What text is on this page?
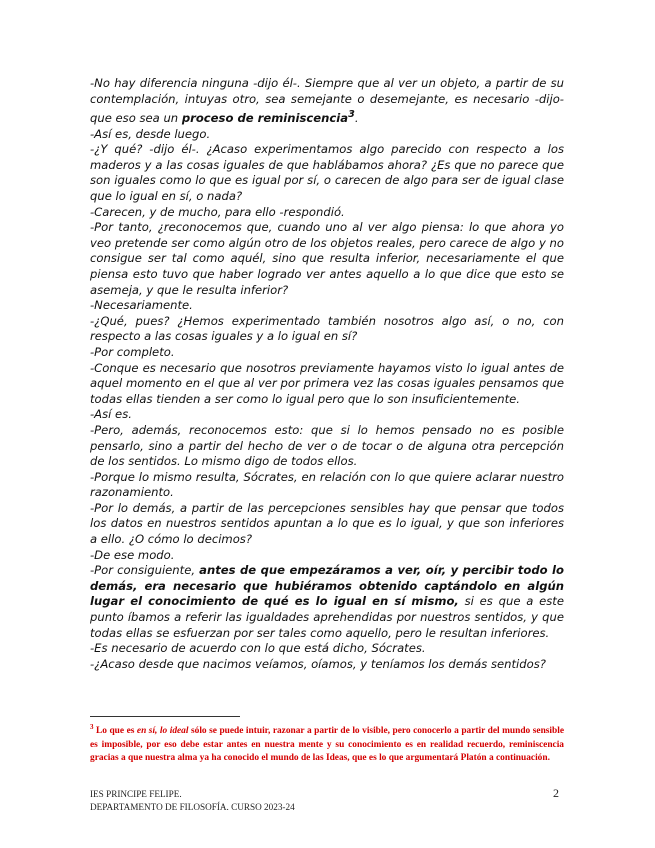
-No hay diferencia ninguna -dijo él-. Siempre que al ver un objeto, a partir de su contemplación, intuyas otro, sea semejante o desemejante, es necesario -dijo- que eso sea un proceso de reminiscencia$^3$.

-Así es, desde luego.

-¿Y qué? -dijo él-. ¿Acaso experimentamos algo parecido con respecto a los maderos y a las cosas iguales de que hablábamos ahora? ¿Es que no parece que son iguales como lo que es igual por sí, o carecen de algo para ser de igual clase que lo igual en sí, o nada?

-Carecen, y de mucho, para ello -respondió.

-Por tanto, ¿reconocemos que, cuando uno al ver algo piensa: lo que ahora yo veo pretende ser como algún otro de los objetos reales, pero carece de algo y no consigue ser tal como aquél, sino que resulta inferior, necesariamente el que piensa esto tuvo que haber logrado ver antes aquello a lo que dice que esto se asemeja, y que le resulta inferior?

-Necesariamente.

-¿Qué, pues? ¿Hemos experimentado también nosotros algo así, o no, con respecto a las cosas iguales y a lo igual en sí?

-Por completo.

-Conque es necesario que nosotros previamente hayamos visto lo igual antes de aquel momento en el que al ver por primera vez las cosas iguales pensamos que todas ellas tienden a ser como lo igual pero que lo son insuficientemente.

-Así es.

-Pero, además, reconocemos esto: que si lo hemos pensado no es posible pensarlo, sino a partir del hecho de ver o de tocar o de alguna otra percepción de los sentidos. Lo mismo digo de todos ellos.

-Porque lo mismo resulta, Sócrates, en relación con lo que quiere aclarar nuestro razonamiento.

-Por lo demás, a partir de las percepciones sensibles hay que pensar que todos los datos en nuestros sentidos apuntan a lo que es lo igual, y que son inferiores a ello. ¿O cómo lo decimos?

-De ese modo.

-Por consiguiente, antes de que empezáramos a ver, oír, y percibir todo lo demás, era necesario que hubiéramos obtenido captándolo en algún lugar el conocimiento de qué es lo igual en sí mismo, si es que a este punto íbamos a referir las igualdades aprehendidas por nuestros sentidos, y que todas ellas se esfuerzan por ser tales como aquello, pero le resultan inferiores.

-Es necesario de acuerdo con lo que está dicho, Sócrates.

-¿Acaso desde que nacimos veíamos, oíamos, y teníamos los demás sentidos?

$^3$ Lo que es en sí, lo ideal sólo se puede intuir, razonar a partir de lo visible, pero conocerlo a partir del mundo sensible es imposible, por eso debe estar antes en nuestra mente y su conocimiento es en realidad recuerdo, reminiscencia gracias a que nuestra alma ya ha conocido el mundo de las Ideas, que es lo que argumentará Platón a continuación.
IES PRINCIPE FELIPE.
DEPARTAMENTO DE FILOSOFÍA. CURSO 2023-24
2
